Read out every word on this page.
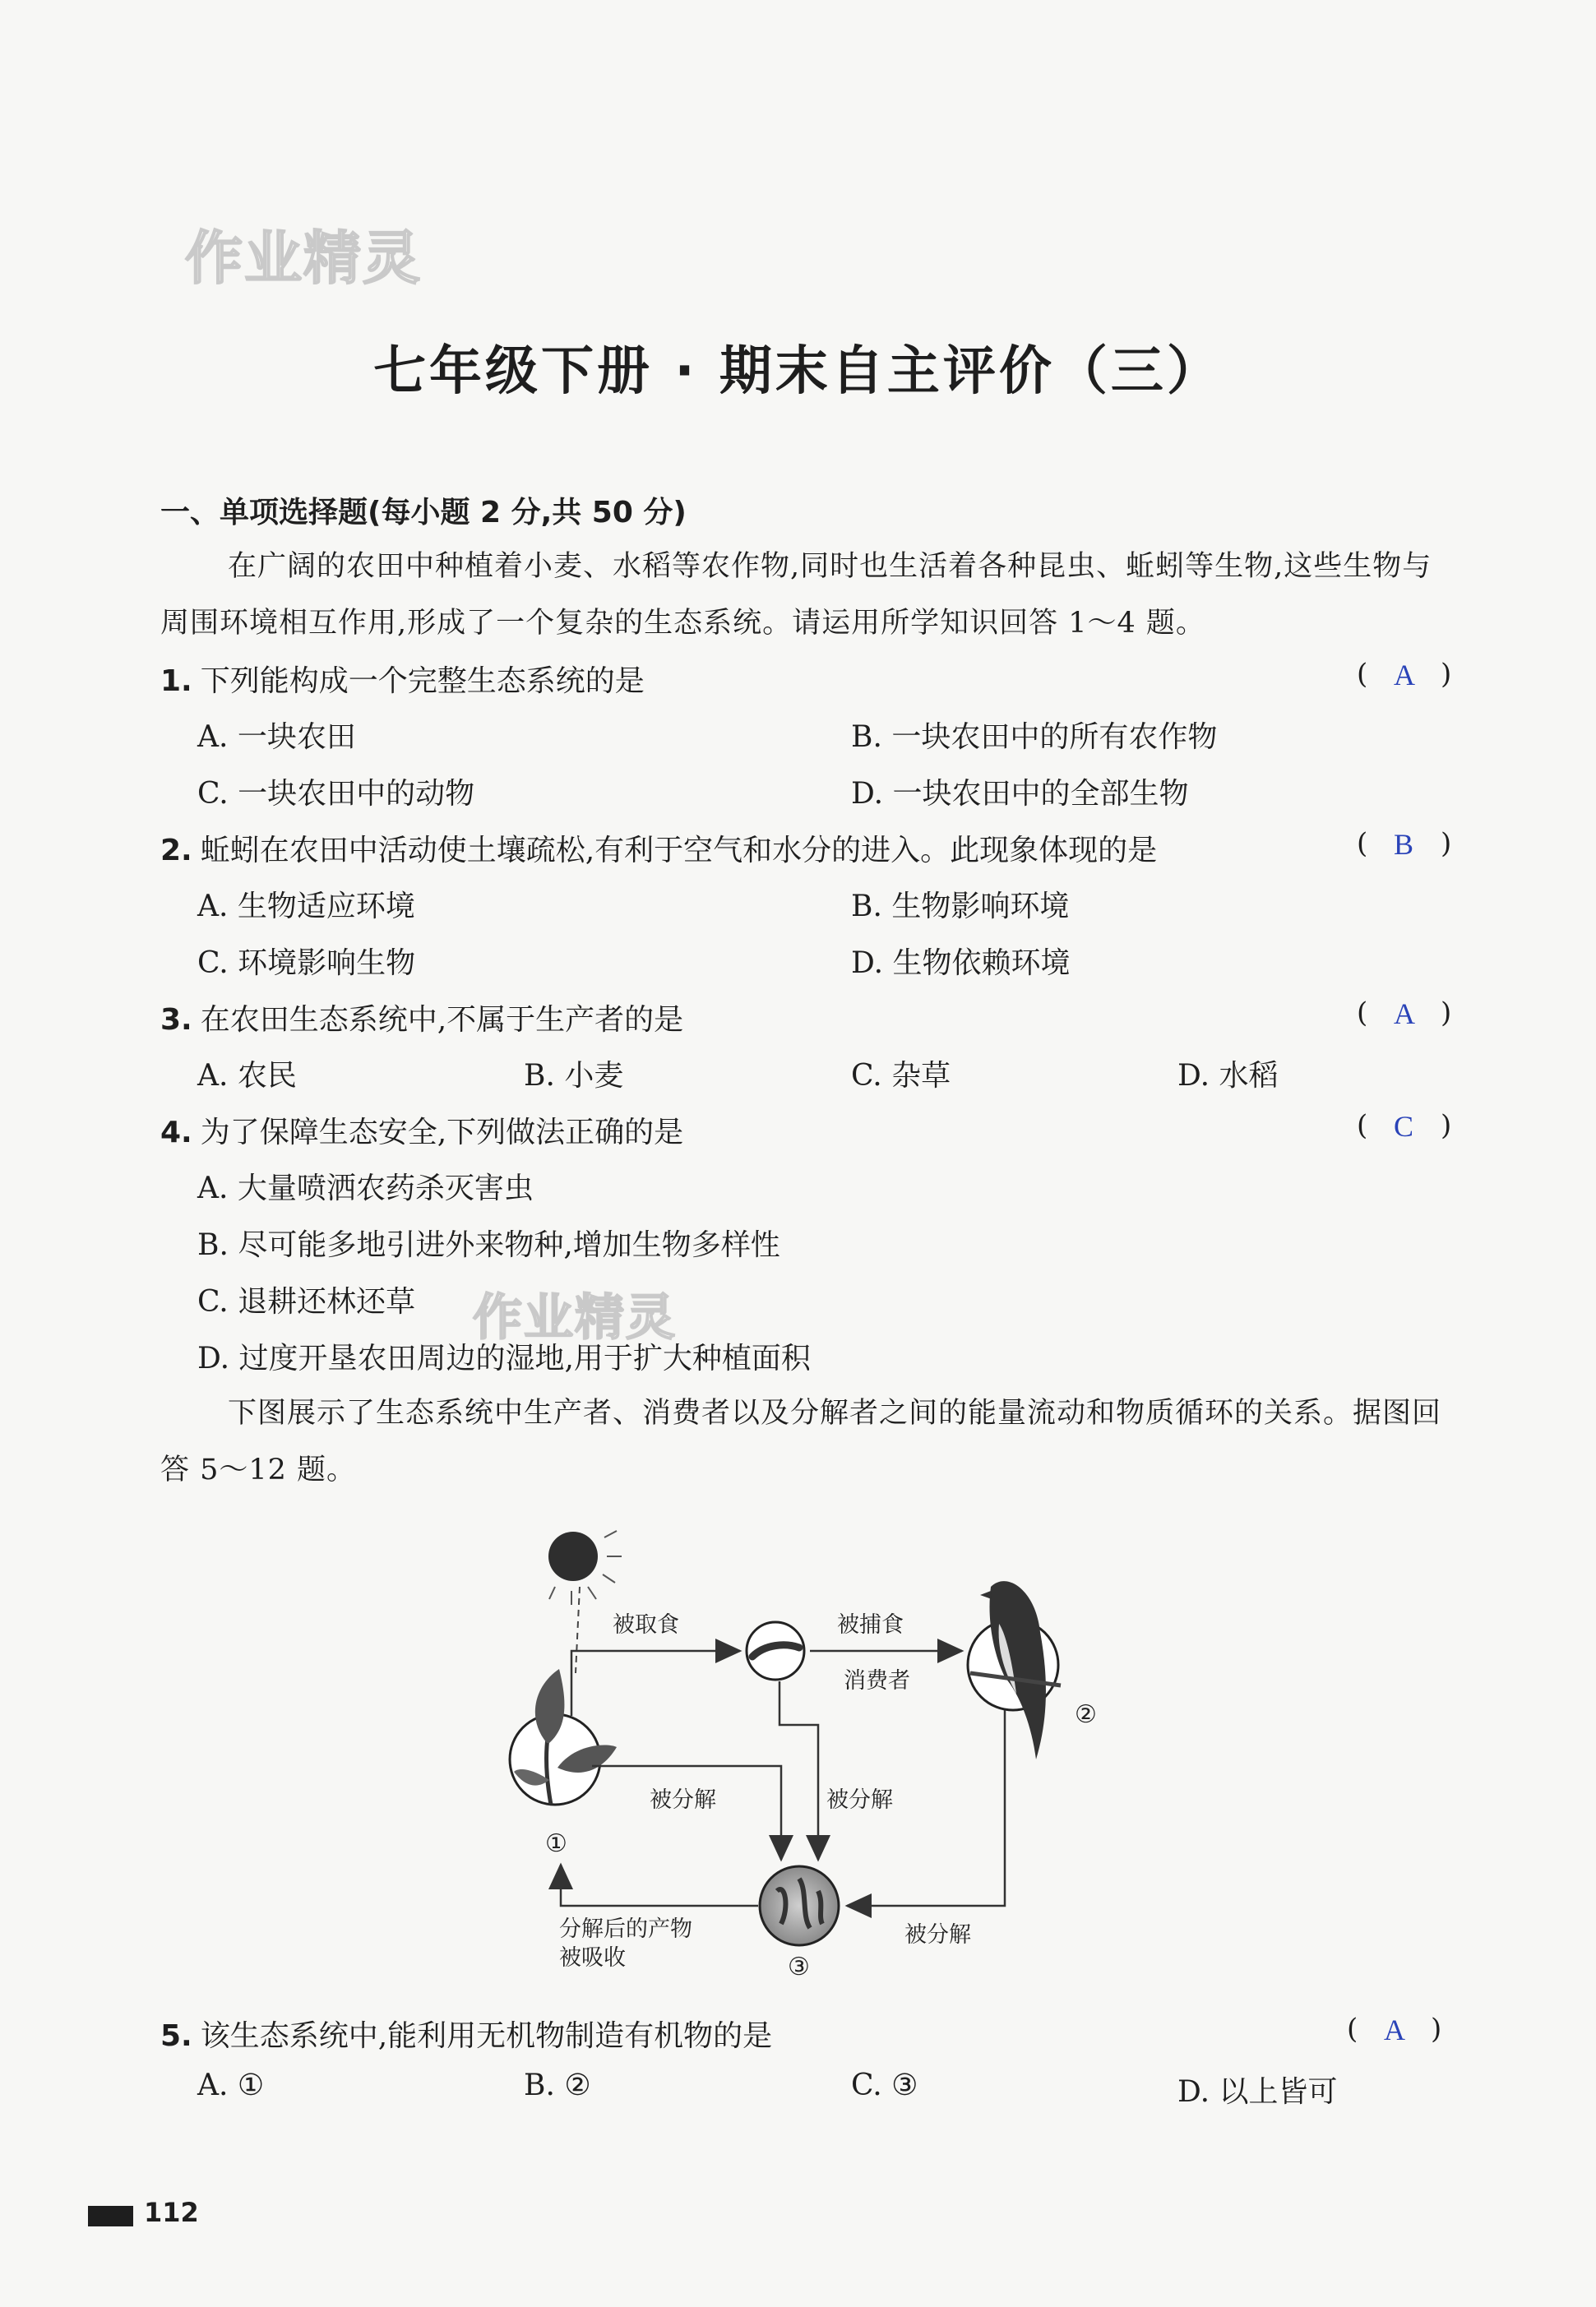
作业精灵
七年级下册 · 期末自主评价（三）
一、单项选择题(每小题 2 分,共 50 分)
在广阔的农田中种植着小麦、水稻等农作物,同时也生活着各种昆虫、蚯蚓等生物,这些生物与周围环境相互作用,形成了一个复杂的生态系统。请运用所学知识回答 1～4 题。
1. 下列能构成一个完整生态系统的是	( A )
A. 一块农田	B. 一块农田中的所有农作物
C. 一块农田中的动物	D. 一块农田中的全部生物
2. 蚯蚓在农田中活动使土壤疏松,有利于空气和水分的进入。此现象体现的是	( B )
A. 生物适应环境	B. 生物影响环境
C. 环境影响生物	D. 生物依赖环境
3. 在农田生态系统中,不属于生产者的是	( A )
A. 农民	B. 小麦	C. 杂草	D. 水稻
4. 为了保障生态安全,下列做法正确的是	( C )
A. 大量喷洒农药杀灭害虫
B. 尽可能多地引进外来物种,增加生物多样性
C. 退耕还林还草
D. 过度开垦农田周边的湿地,用于扩大种植面积
作业精灵
下图展示了生态系统中生产者、消费者以及分解者之间的能量流动和物质循环的关系。据图回答 5～12 题。
①
②
③
被取食	被捕食
消费者
被分解	被分解
被分解
分解后的产物
被吸收
5. 该生态系统中,能利用无机物制造有机物的是	( A )
A. ①	B. ②	C. ③	D. 以上皆可
112
